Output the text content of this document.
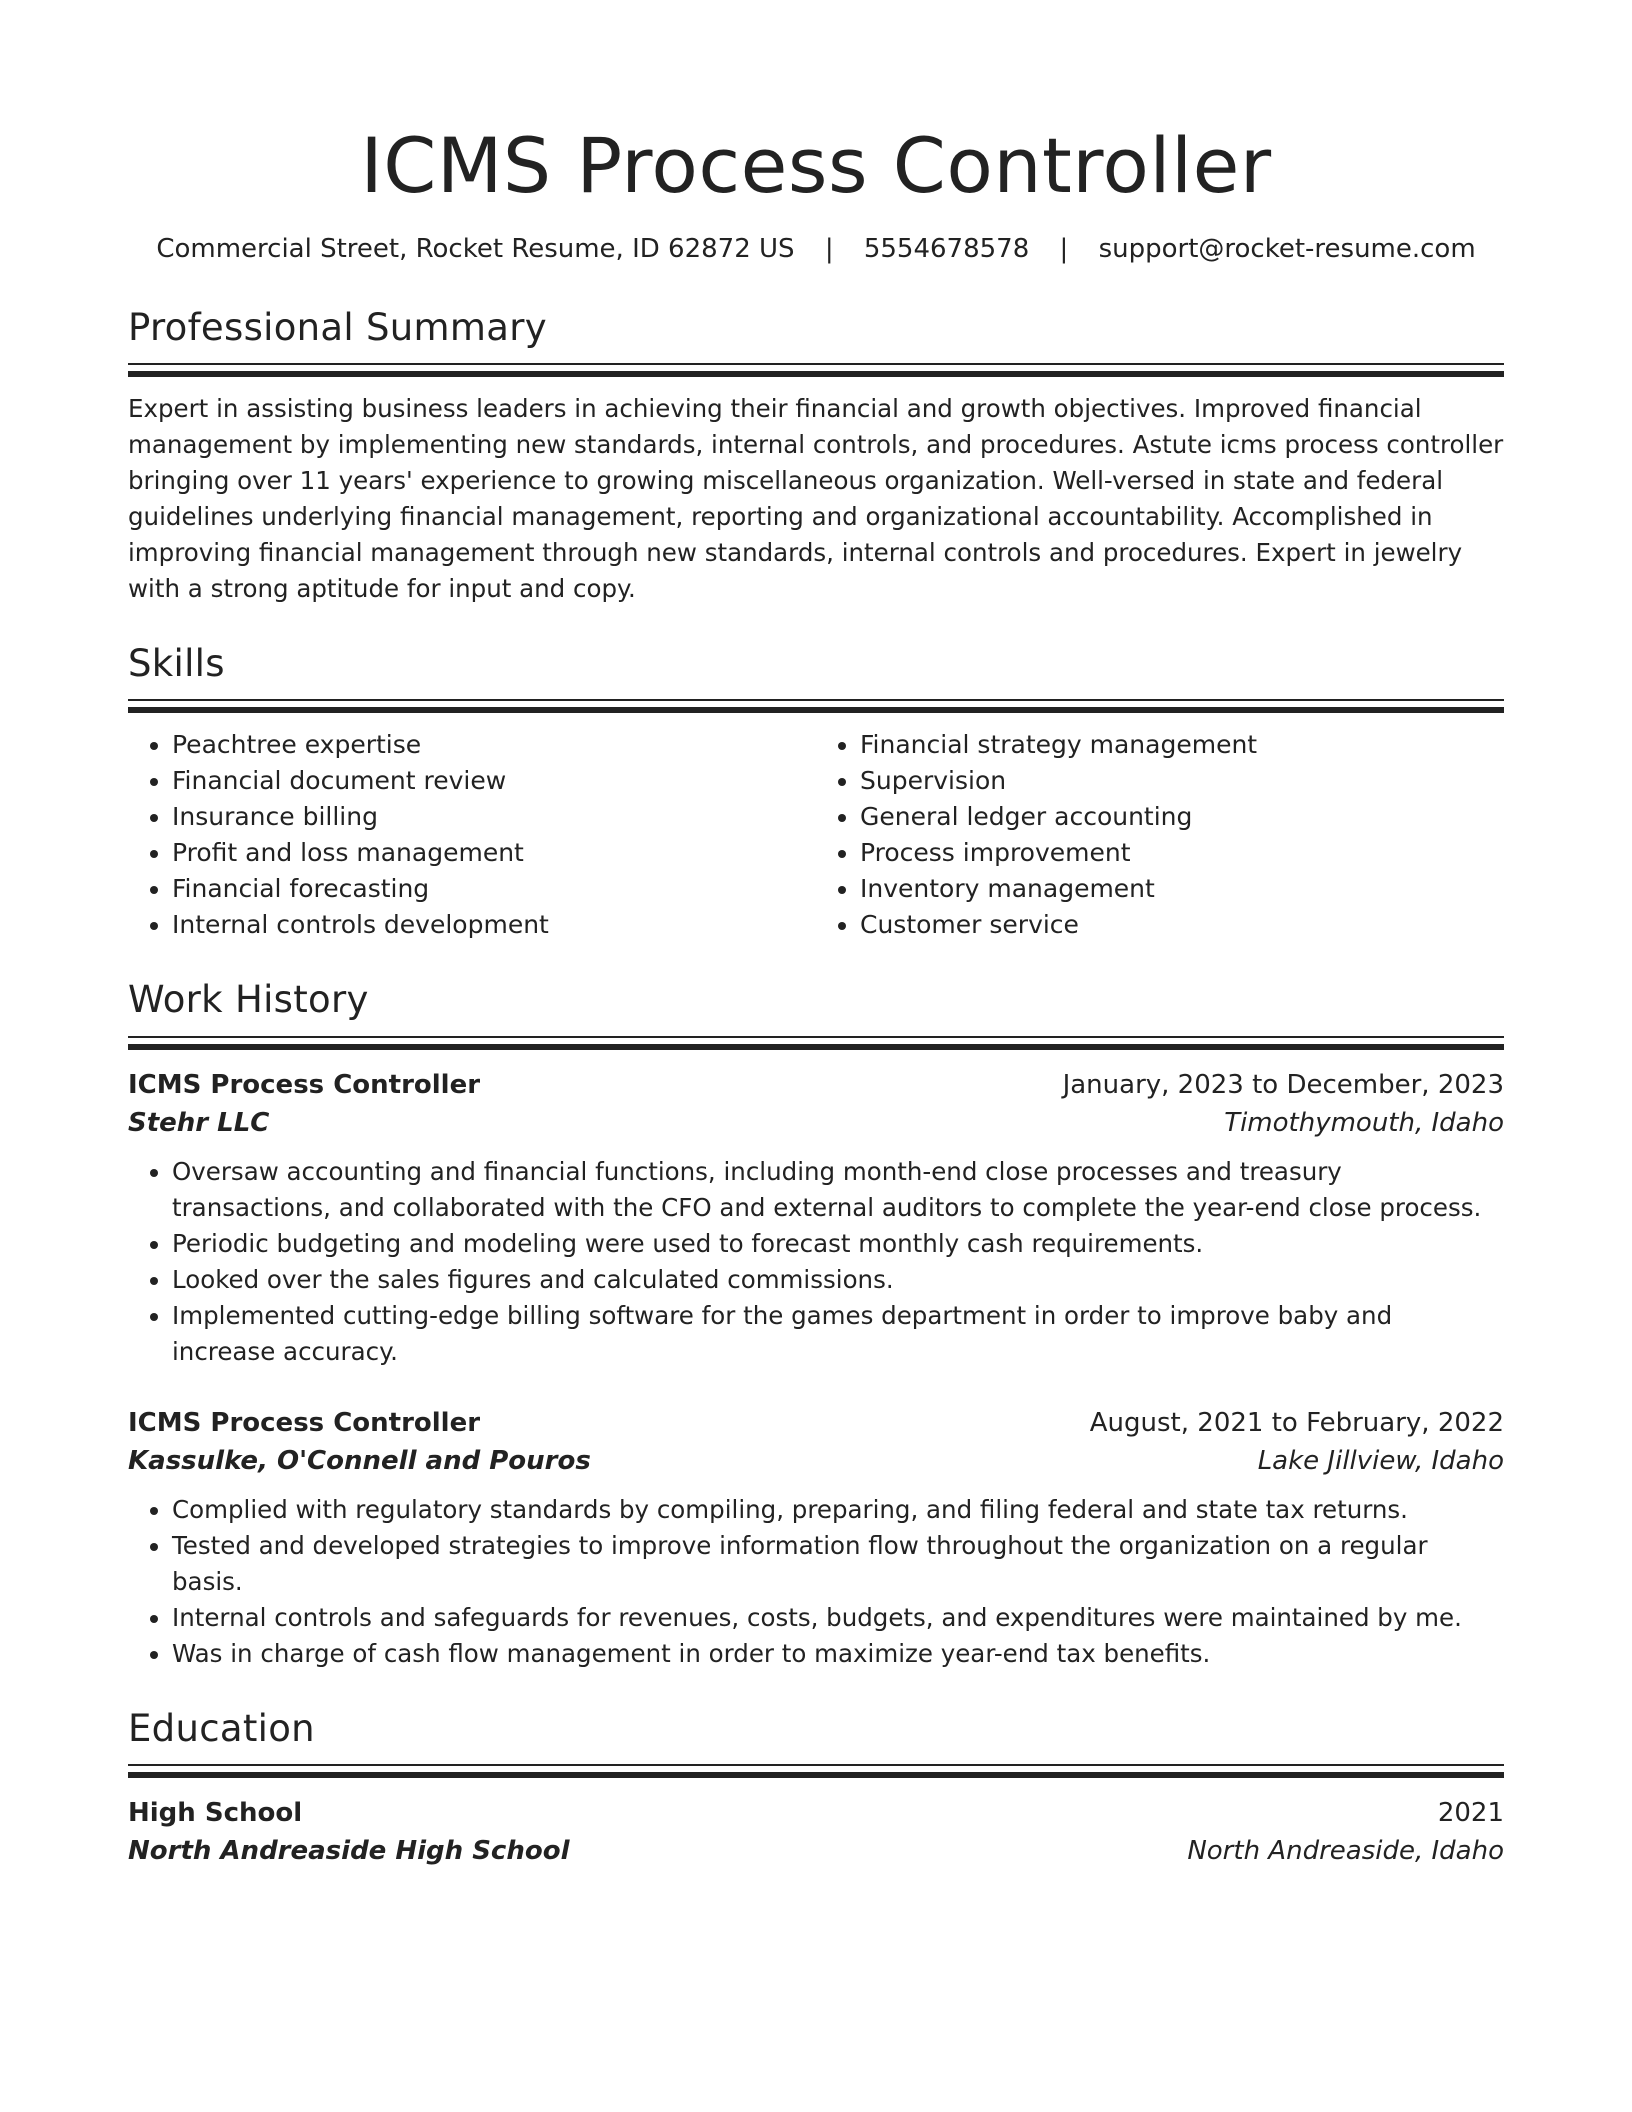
ICMS Process Controller
Commercial Street, Rocket Resume, ID 62872 US | 5554678578 | support@rocket-resume.com
Professional Summary
Expert in assisting business leaders in achieving their financial and growth objectives. Improved financial management by implementing new standards, internal controls, and procedures. Astute icms process controller bringing over 11 years' experience to growing miscellaneous organization. Well-versed in state and federal guidelines underlying financial management, reporting and organizational accountability. Accomplished in improving financial management through new standards, internal controls and procedures. Expert in jewelry with a strong aptitude for input and copy.
Skills
• Peachtree expertise
• Financial document review
• Insurance billing
• Profit and loss management
• Financial forecasting
• Internal controls development
• Financial strategy management
• Supervision
• General ledger accounting
• Process improvement
• Inventory management
• Customer service
Work History
ICMS Process Controller	January, 2023 to December, 2023
Stehr LLC	Timothymouth, Idaho
• Oversaw accounting and financial functions, including month-end close processes and treasury transactions, and collaborated with the CFO and external auditors to complete the year-end close process.
• Periodic budgeting and modeling were used to forecast monthly cash requirements.
• Looked over the sales figures and calculated commissions.
• Implemented cutting-edge billing software for the games department in order to improve baby and increase accuracy.
ICMS Process Controller	August, 2021 to February, 2022
Kassulke, O'Connell and Pouros	Lake Jillview, Idaho
• Complied with regulatory standards by compiling, preparing, and filing federal and state tax returns.
• Tested and developed strategies to improve information flow throughout the organization on a regular basis.
• Internal controls and safeguards for revenues, costs, budgets, and expenditures were maintained by me.
• Was in charge of cash flow management in order to maximize year-end tax benefits.
Education
High School	2021
North Andreaside High School	North Andreaside, Idaho
